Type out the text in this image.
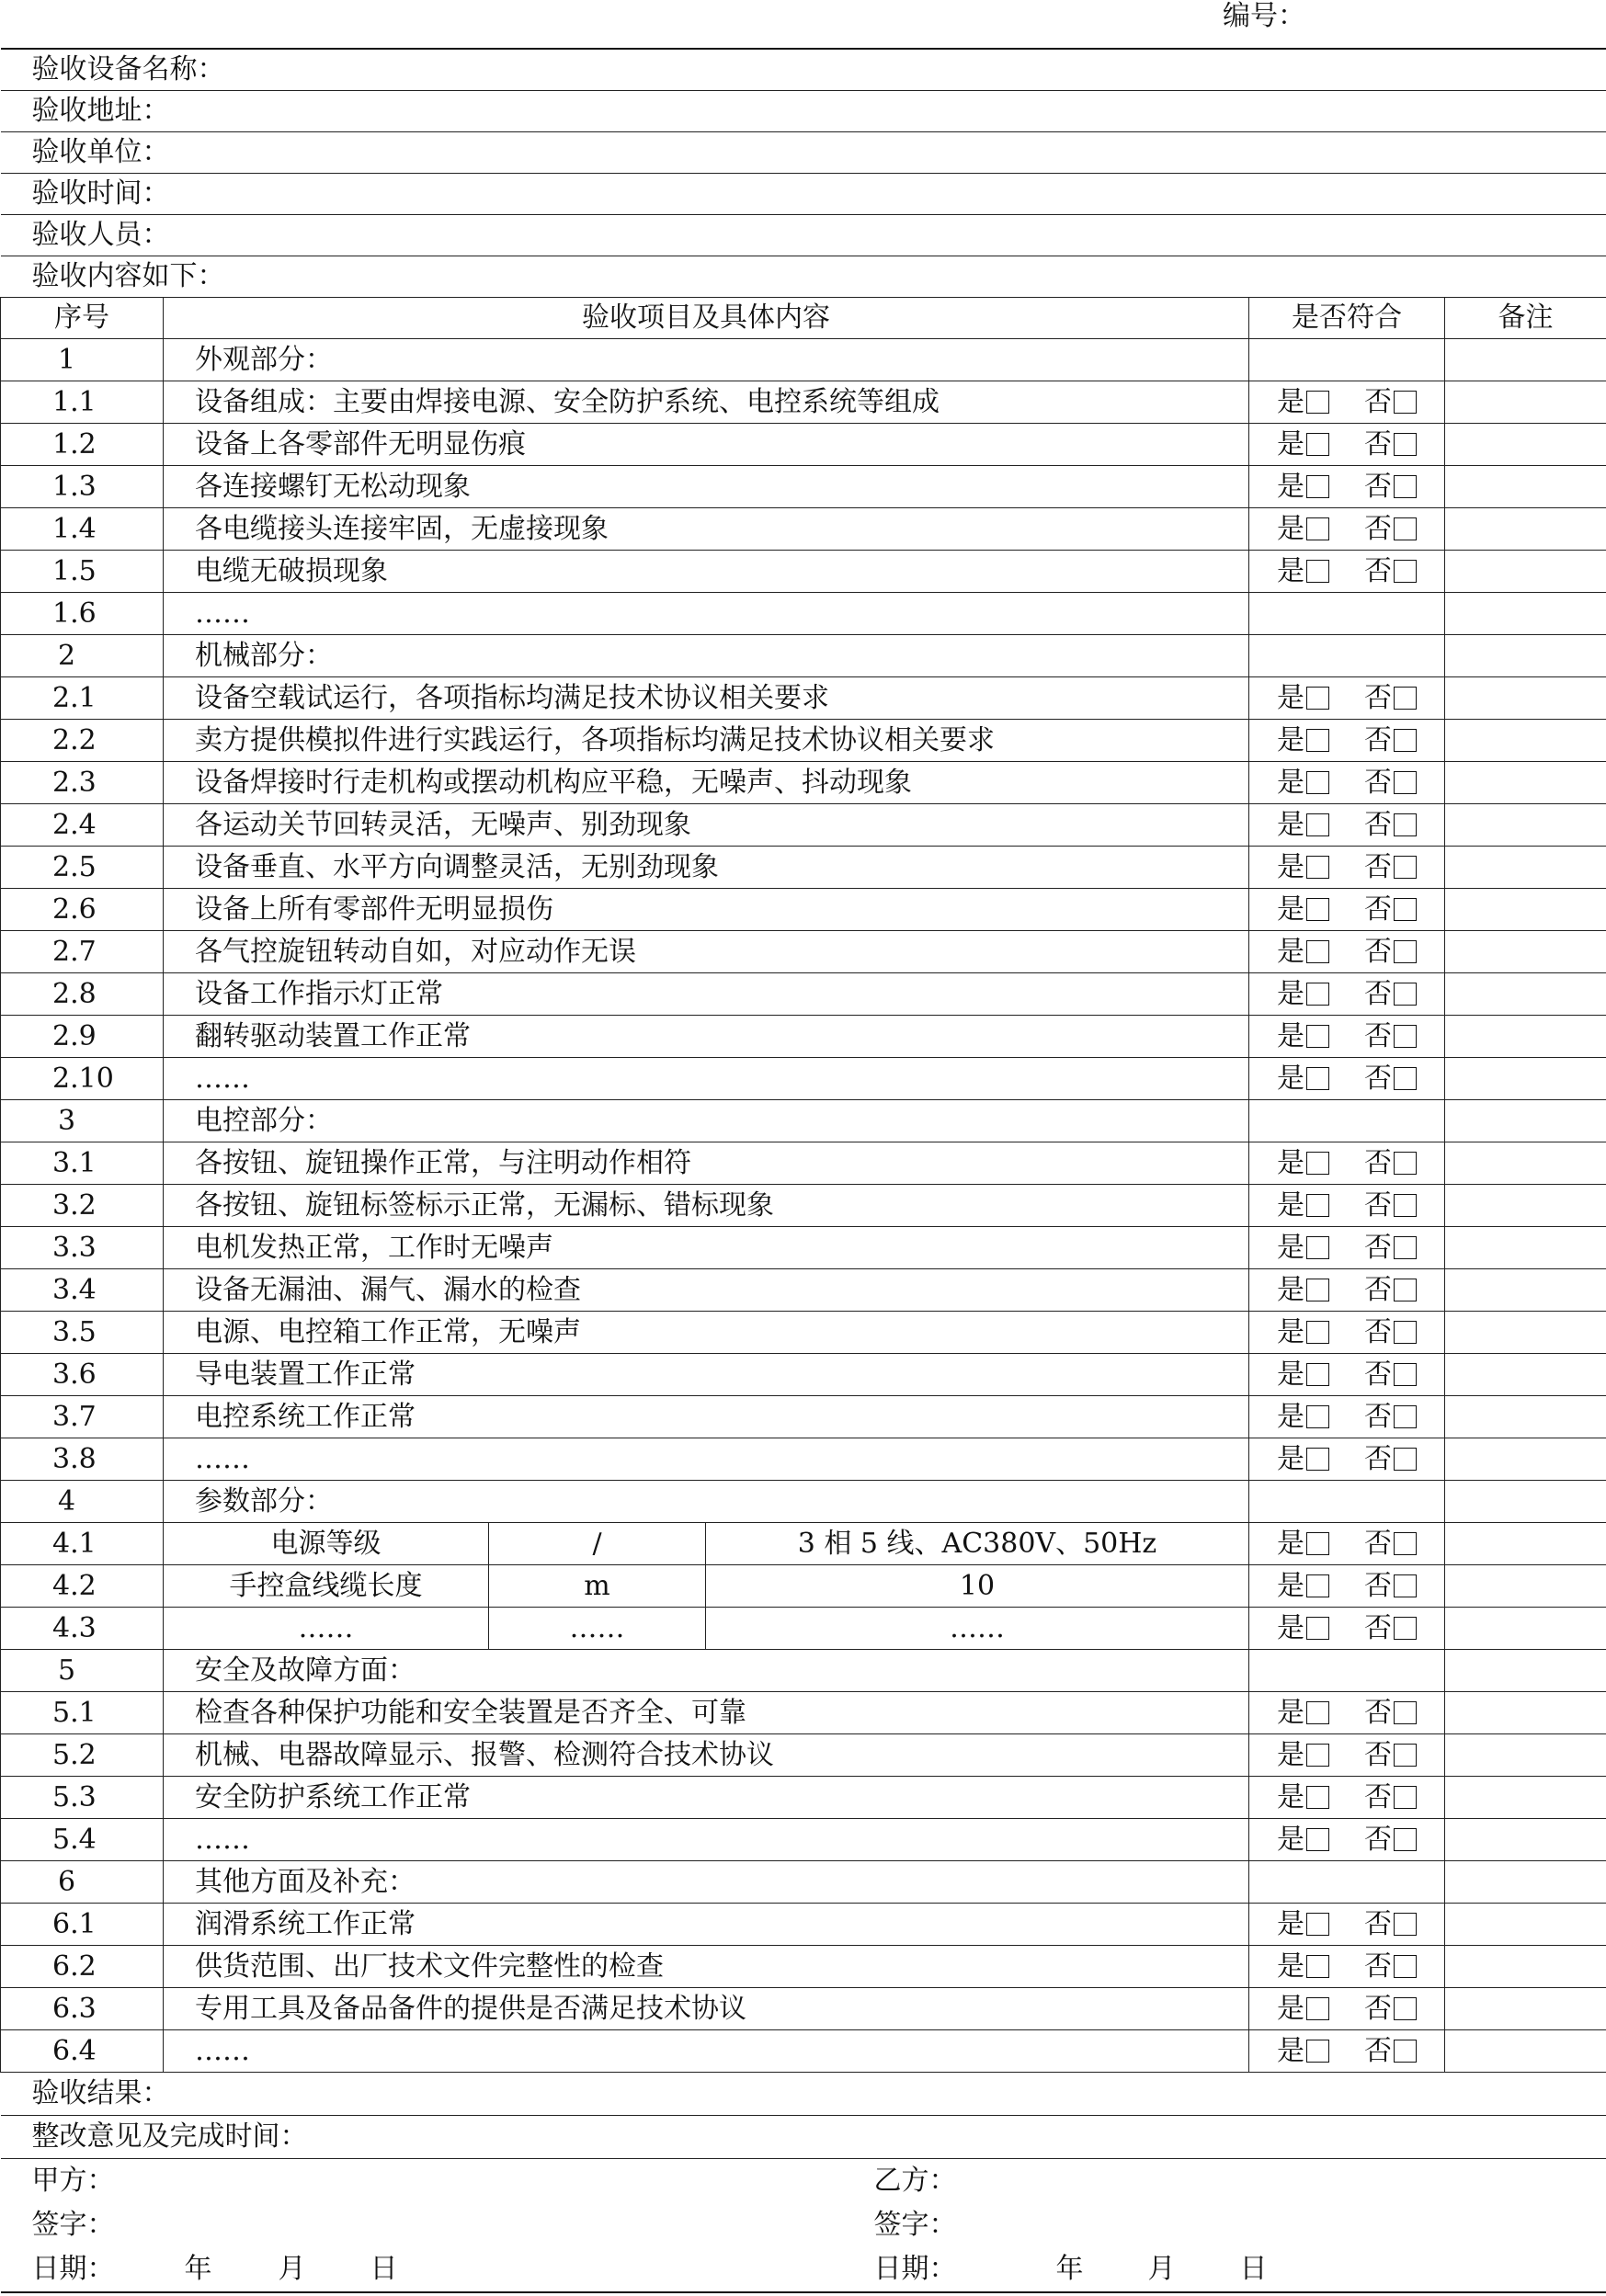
编号：
验收设备名称：					
验收地址：					
验收单位：					
验收时间：					
验收人员：					
验收内容如下：					
序号	验收项目及具体内容			是否符合	备注
1	外观部分：				
1.1	设备组成：主要由焊接电源、安全防护系统、电控系统等组成			是 否	
1.2	设备上各零部件无明显伤痕			是 否	
1.3	各连接螺钉无松动现象			是 否	
1.4	各电缆接头连接牢固，无虚接现象			是 否	
1.5	电缆无破损现象			是 否	
1.6	……				
2	机械部分：				
2.1	设备空载试运行，各项指标均满足技术协议相关要求			是 否	
2.2	卖方提供模拟件进行实践运行，各项指标均满足技术协议相关要求			是 否	
2.3	设备焊接时行走机构或摆动机构应平稳，无噪声、抖动现象			是 否	
2.4	各运动关节回转灵活，无噪声、别劲现象			是 否	
2.5	设备垂直、水平方向调整灵活，无别劲现象			是 否	
2.6	设备上所有零部件无明显损伤			是 否	
2.7	各气控旋钮转动自如，对应动作无误			是 否	
2.8	设备工作指示灯正常			是 否	
2.9	翻转驱动装置工作正常			是 否	
2.10	……			是 否	
3	电控部分：				
3.1	各按钮、旋钮操作正常，与注明动作相符			是 否	
3.2	各按钮、旋钮标签标示正常，无漏标、错标现象			是 否	
3.3	电机发热正常，工作时无噪声			是 否	
3.4	设备无漏油、漏气、漏水的检查			是 否	
3.5	电源、电控箱工作正常，无噪声			是 否	
3.6	导电装置工作正常			是 否	
3.7	电控系统工作正常			是 否	
3.8	……			是 否	
4	参数部分：				
4.1	电源等级	/	3 相 5 线、AC380V、50Hz	是 否	
4.2	手控盒线缆长度	m	10	是 否	
4.3	……	……	……	是 否	
5	安全及故障方面：				
5.1	检查各种保护功能和安全装置是否齐全、可靠			是 否	
5.2	机械、电器故障显示、报警、检测符合技术协议			是 否	
5.3	安全防护系统工作正常			是 否	
5.4	……			是 否	
6	其他方面及补充：				
6.1	润滑系统工作正常			是 否	
6.2	供货范围、出厂技术文件完整性的检查			是 否	
6.3	专用工具及备品备件的提供是否满足技术协议			是 否	
6.4	……			是 否	
验收结果：					
整改意见及完成时间：					
甲方：			乙方：		
签字：			签字：		
日期： 年 月 日			日期： 年 月 日		
